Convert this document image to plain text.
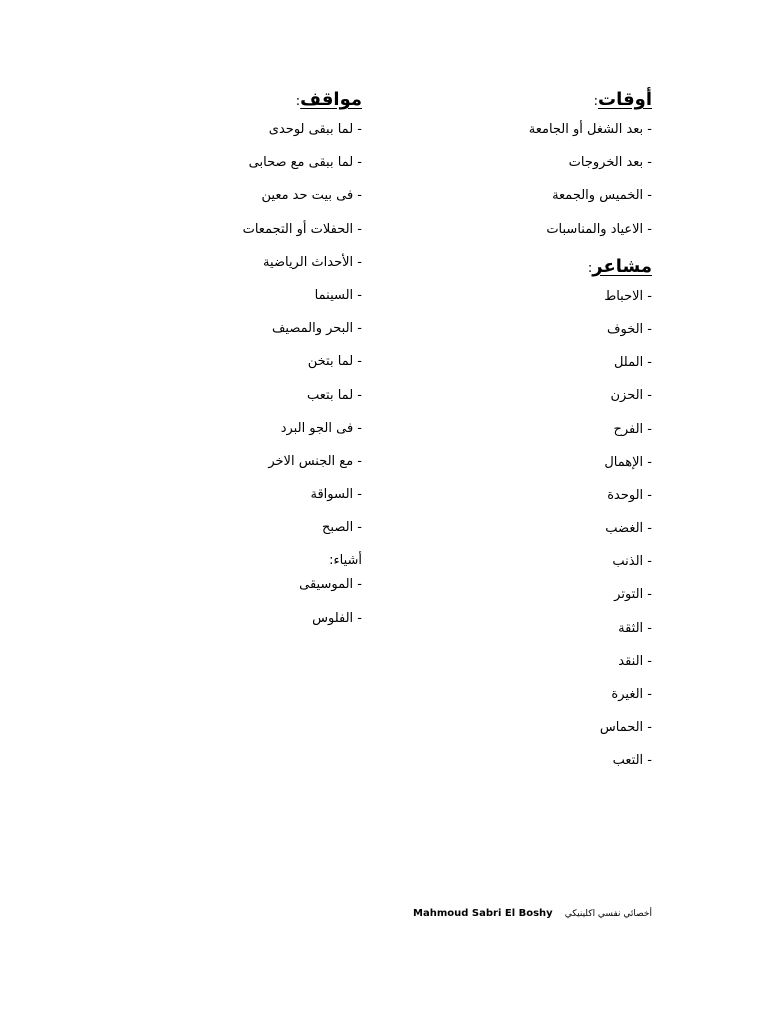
أوقات:
- بعد الشغل أو الجامعة
- بعد الخروجات
- الخميس والجمعة
- الاعياد والمناسبات
مشاعر:
- الاحباط
- الخوف
- الملل
- الحزن
- الفرح
- الإهمال
- الوحدة
- الغضب
- الذنب
- التوتر
- الثقة
- النقد
- الغيرة
- الحماس
- التعب
مواقف:
- لما ببقى لوحدى
- لما ببقى مع صحابى
- فى بيت حد معين
- الحفلات أو التجمعات
- الأحداث الرياضية
- السينما
- البحر والمصيف
- لما بتخن
- لما بتعب
- فى الجو البرد
- مع الجنس الاخر
- السواقة
- الصبح
أشياء:
- الموسيقى
- الفلوس
أخصائي نفسي اكلينيكيMahmoud Sabri El Boshy
